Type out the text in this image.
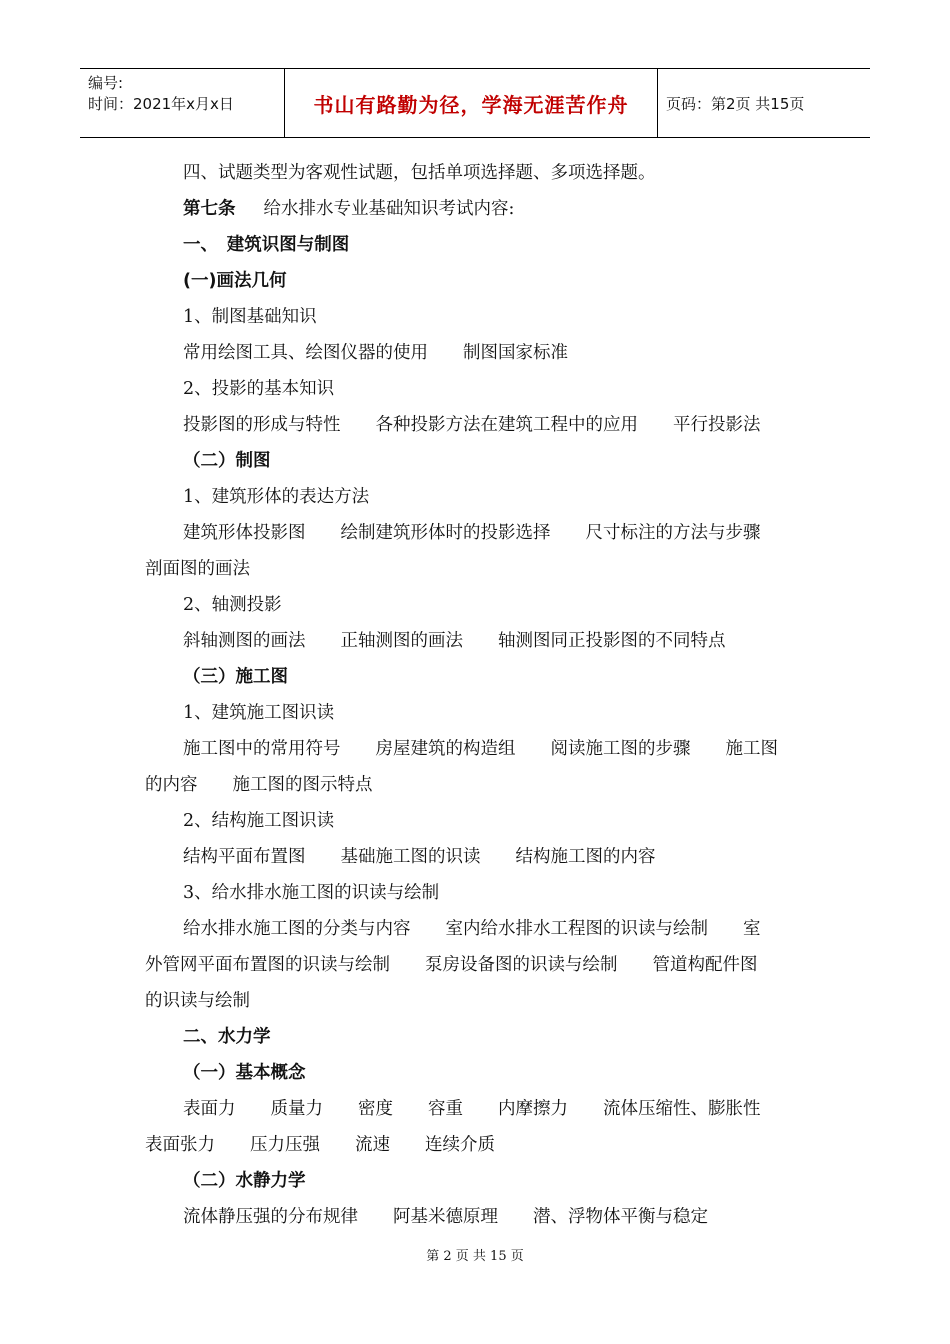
编号:
时间：2021年x月x日	书山有路勤为径，学海无涯苦作舟	页码：第2页 共15页
四、试题类型为客观性试题，包括单项选择题、多项选择题。
第七条 给水排水专业基础知识考试内容:
一、　建筑识图与制图
(一)画法几何
1、制图基础知识
常用绘图工具、绘图仪器的使用　　制图国家标准
2、投影的基本知识
投影图的形成与特性　　各种投影方法在建筑工程中的应用　　平行投影法
（二）制图
1、建筑形体的表达方法
建筑形体投影图　　绘制建筑形体时的投影选择　　尺寸标注的方法与步骤
剖面图的画法
2、轴测投影
斜轴测图的画法　　正轴测图的画法　　轴测图同正投影图的不同特点
（三）施工图
1、建筑施工图识读
施工图中的常用符号　　房屋建筑的构造组　　阅读施工图的步骤　　施工图
的内容　　施工图的图示特点
2、结构施工图识读
结构平面布置图　　基础施工图的识读　　结构施工图的内容
3、给水排水施工图的识读与绘制
给水排水施工图的分类与内容　　室内给水排水工程图的识读与绘制　　室
外管网平面布置图的识读与绘制　　泵房设备图的识读与绘制　　管道构配件图
的识读与绘制
二、水力学
（一）基本概念
表面力　　质量力　　密度　　容重　　内摩擦力　　流体压缩性、膨胀性
表面张力　　压力压强　　流速　　连续介质
（二）水静力学
流体静压强的分布规律　　阿基米德原理　　潜、浮物体平衡与稳定
第 2 页 共 15 页
